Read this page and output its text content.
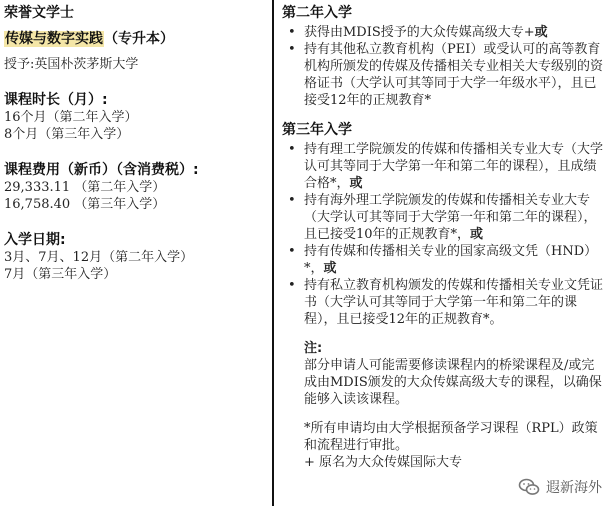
荣誉文学士
传媒与数字实践（专升本）
授予:英国朴茨茅斯大学
课程时长（月）:
16个月（第二年入学）
8个月（第三年入学）
课程费用（新币）（含消费税）:
29,333.11 （第二年入学）
16,758.40 （第三年入学）
入学日期:
3月、7月、12月（第二年入学）
7月（第三年入学）
第二年入学
• 获得由MDIS授予的大众传媒高级大专+或
• 持有其他私立教育机构（PEI）或受认可的高等教育机构所颁发的传媒及传播相关专业相关大专级别的资格证书（大学认可其等同于大学一年级水平），且已接受12年的正规教育*
第三年入学
• 持有理工学院颁发的传媒和传播相关专业大专（大学认可其等同于大学第一年和第二年的课程），且成绩合格*，或
• 持有海外理工学院颁发的传媒和传播相关专业大专（大学认可其等同于大学第一年和第二年的课程），且已接受10年的正规教育*，或
• 持有传媒和传播相关专业的国家高级文凭（HND）*，或
• 持有私立教育机构颁发的传媒和传播相关专业文凭证书（大学认可其等同于大学第一年和第二年的课程），且已接受12年的正规教育*。
注:
部分申请人可能需要修读课程内的桥梁课程及/或完成由MDIS颁发的大众传媒高级大专的课程，以确保能够入读该课程。
*所有申请均由大学根据预备学习课程（RPL）政策和流程进行审批。
+ 原名为大众传媒国际大专
遐新海外
